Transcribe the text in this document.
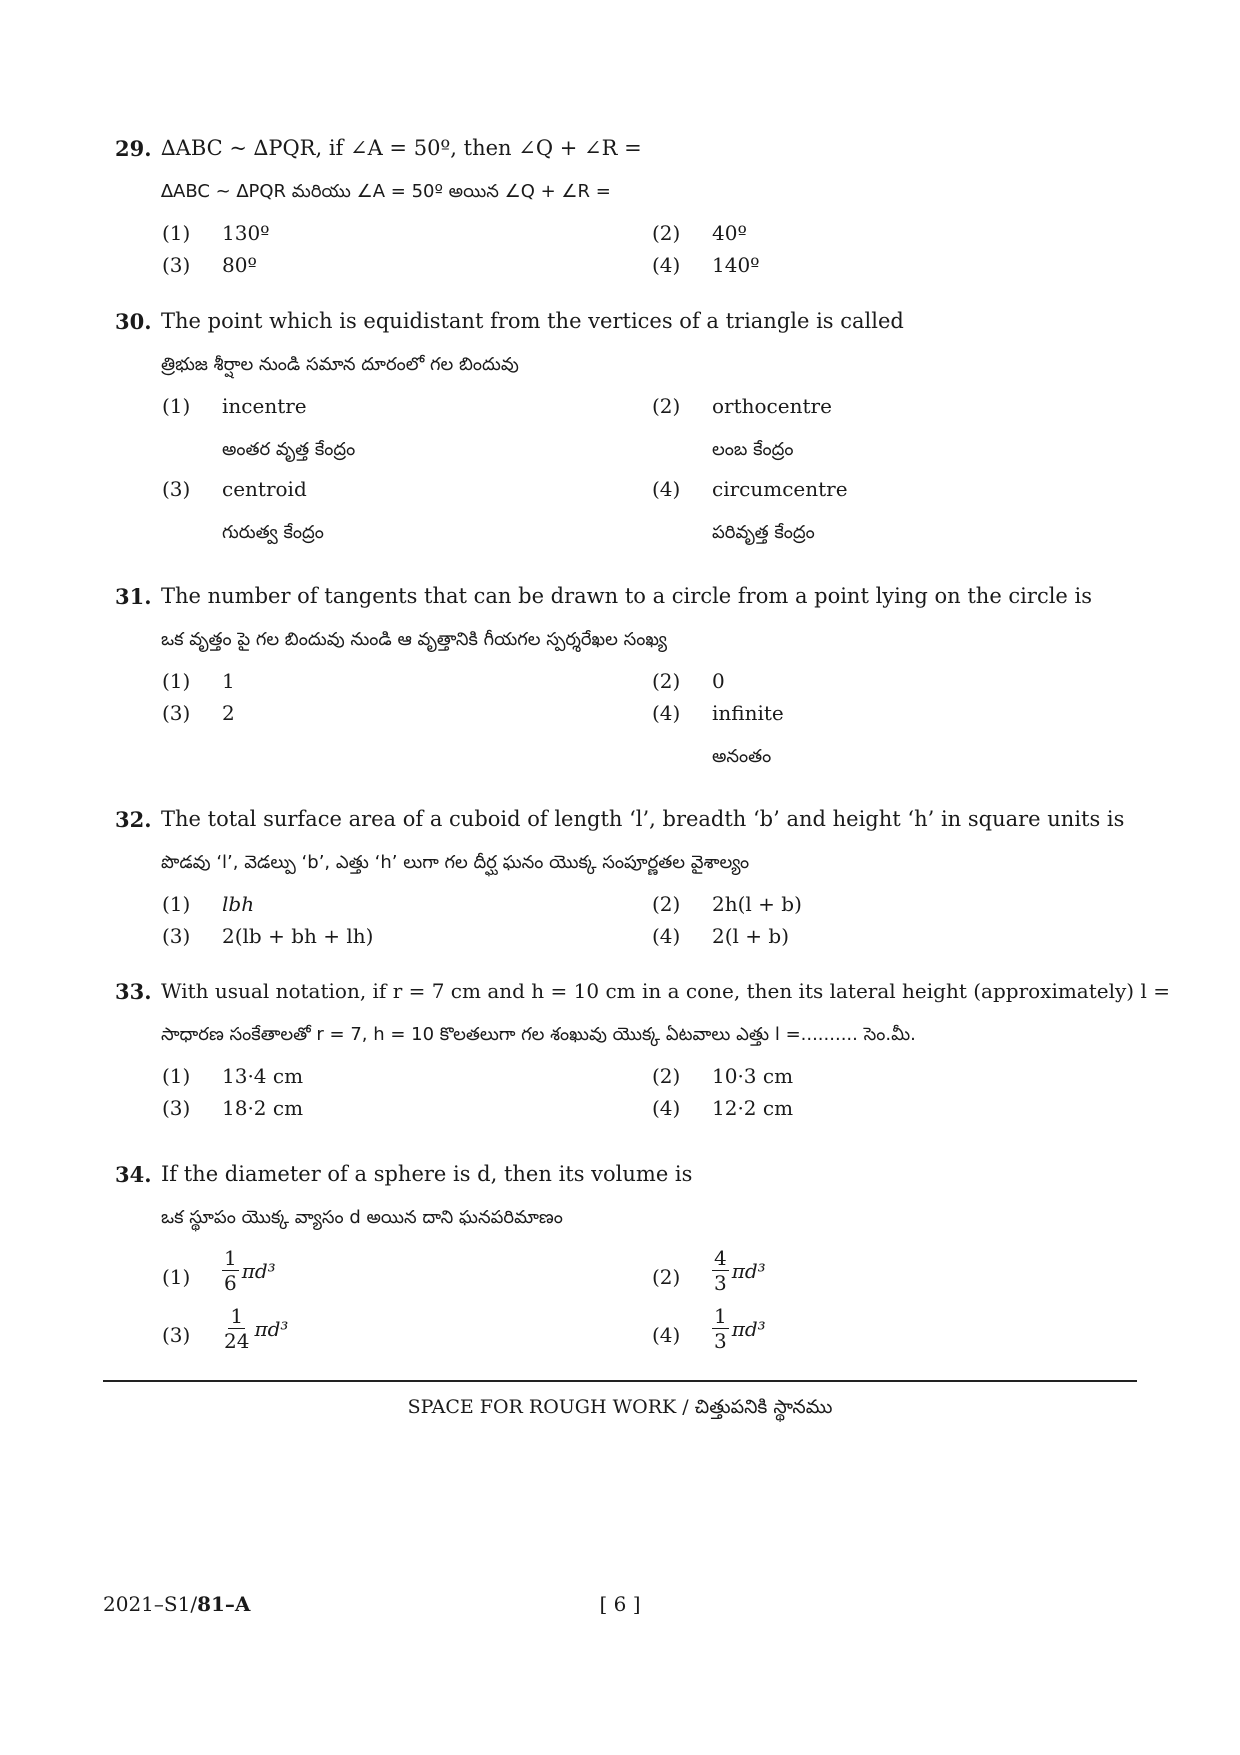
29. ∆ABC ~ ∆PQR, if ∠A = 50º, then ∠Q + ∠R =
∆ABC ~ ∆PQR మరియు ∠A = 50º అయిన ∠Q + ∠R =
(1) 130º	(2) 40º
(3) 80º	(4) 140º
30. The point which is equidistant from the vertices of a triangle is called
త్రిభుజ శీర్షాల నుండి సమాన దూరంలో గల బిందువు
(1) incentre
అంతర వృత్త కేంద్రం
(2) orthocentre
లంబ కేంద్రం
(3) centroid
గురుత్వ కేంద్రం
(4) circumcentre
పరివృత్త కేంద్రం
31. The number of tangents that can be drawn to a circle from a point lying on the circle is
ఒక వృత్తం పై గల బిందువు నుండి ఆ వృత్తానికి గీయగల స్పర్శరేఖల సంఖ్య
(1) 1	(2) 0
(3) 2	(4) infinite
అనంతం
32. The total surface area of a cuboid of length ‘l’, breadth ‘b’ and height ‘h’ in square units is
పొడవు ‘l’, వెడల్పు ‘b’, ఎత్తు ‘h’ లుగా గల దీర్ఘ ఘనం యొక్క సంపూర్ణతల వైశాల్యం
(1) lbh	(2) 2h(l + b)
(3) 2(lb + bh + lh)	(4) 2(l + b)
33. With usual notation, if r = 7 cm and h = 10 cm in a cone, then its lateral height (approximately) l =
సాధారణ సంకేతాలతో r = 7, h = 10 కొలతలుగా గల శంఖువు యొక్క ఏటవాలు ఎత్తు l =.......... సెం.మీ.
(1) 13·4 cm	(2) 10·3 cm
(3) 18·2 cm	(4) 12·2 cm
34. If the diameter of a sphere is d, then its volume is
ఒక స్థూపం యొక్క వ్యాసం d అయిన దాని ఘనపరిమాణం
$(1) \frac{1}{6} \pi d^3$	$(2) \frac{4}{3} \pi d^3$
$(3) \frac{1}{24} \pi d^3$	$(4) \frac{1}{3} \pi d^3$
SPACE FOR ROUGH WORK / చిత్తుపనికి స్థానము
2021–S1/81–A	[ 6 ]
